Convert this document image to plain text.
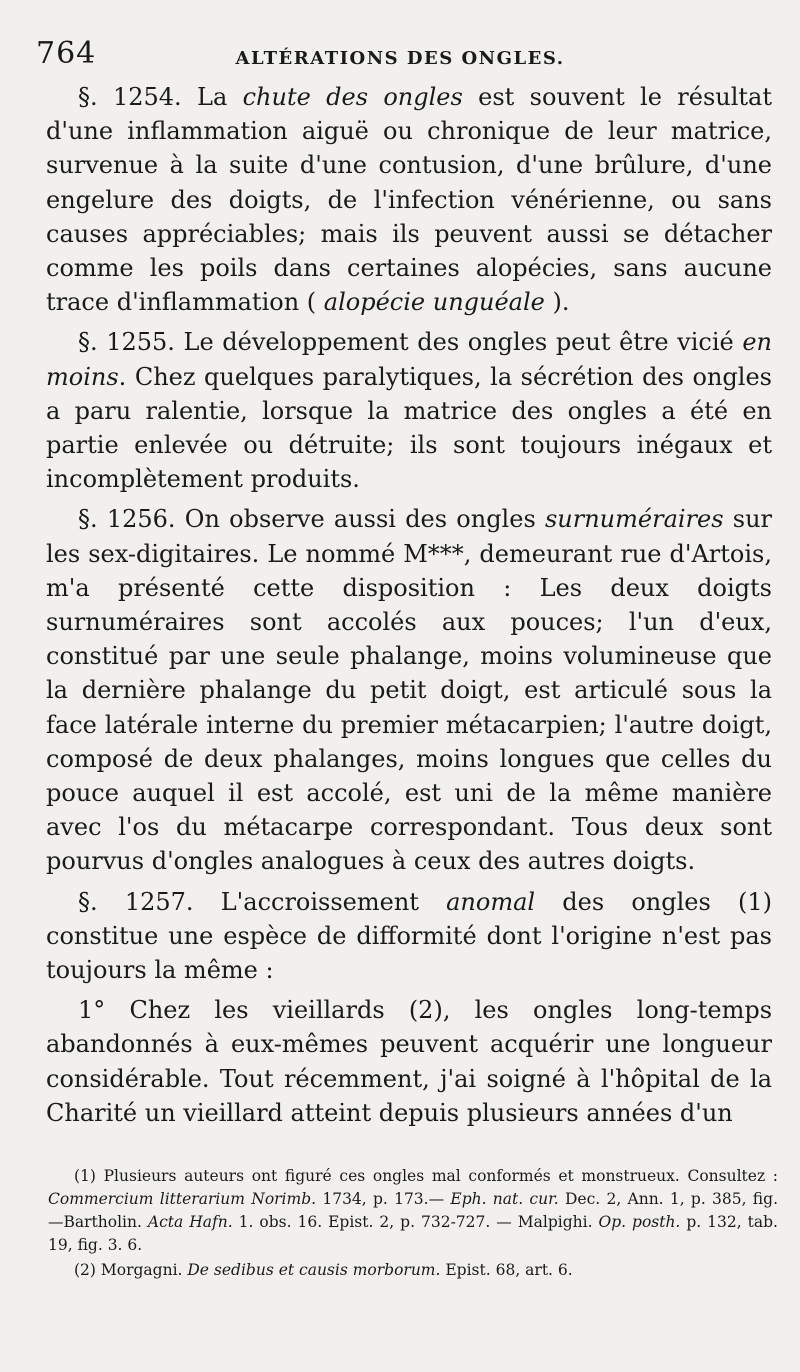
764	ALTÉRATIONS DES ONGLES.

§. 1254. La chute des ongles est souvent le résultat d'une inflammation aiguë ou chronique de leur matrice, survenue à la suite d'une contusion, d'une brûlure, d'une engelure des doigts, de l'infection vénérienne, ou sans causes appréciables; mais ils peuvent aussi se détacher comme les poils dans certaines alopécies, sans aucune trace d'inflammation ( alopécie unguéale ).

§. 1255. Le développement des ongles peut être vicié en moins. Chez quelques paralytiques, la sécrétion des ongles a paru ralentie, lorsque la matrice des ongles a été en partie enlevée ou détruite; ils sont toujours inégaux et incomplètement produits.

§. 1256. On observe aussi des ongles surnuméraires sur les sex-digitaires. Le nommé M***, demeurant rue d'Artois, m'a présenté cette disposition : Les deux doigts surnuméraires sont accolés aux pouces; l'un d'eux, constitué par une seule phalange, moins volumineuse que la dernière phalange du petit doigt, est articulé sous la face latérale interne du premier métacarpien; l'autre doigt, composé de deux phalanges, moins longues que celles du pouce auquel il est accolé, est uni de la même manière avec l'os du métacarpe correspondant. Tous deux sont pourvus d'ongles analogues à ceux des autres doigts.

§. 1257. L'accroissement anomal des ongles (1) constitue une espèce de difformité dont l'origine n'est pas toujours la même :

1° Chez les vieillards (2), les ongles long-temps abandonnés à eux-mêmes peuvent acquérir une longueur considérable. Tout récemment, j'ai soigné à l'hôpital de la Charité un vieillard atteint depuis plusieurs années d'un

(1) Plusieurs auteurs ont figuré ces ongles mal conformés et monstrueux. Consultez : Commercium litterarium Norimb. 1734, p. 173.— Eph. nat. cur. Dec. 2, Ann. 1, p. 385, fig. —Bartholin. Acta Hafn. 1. obs. 16. Epist. 2, p. 732-727. — Malpighi. Op. posth. p. 132, tab. 19, fig. 3. 6.

(2) Morgagni. De sedibus et causis morborum. Epist. 68, art. 6.
